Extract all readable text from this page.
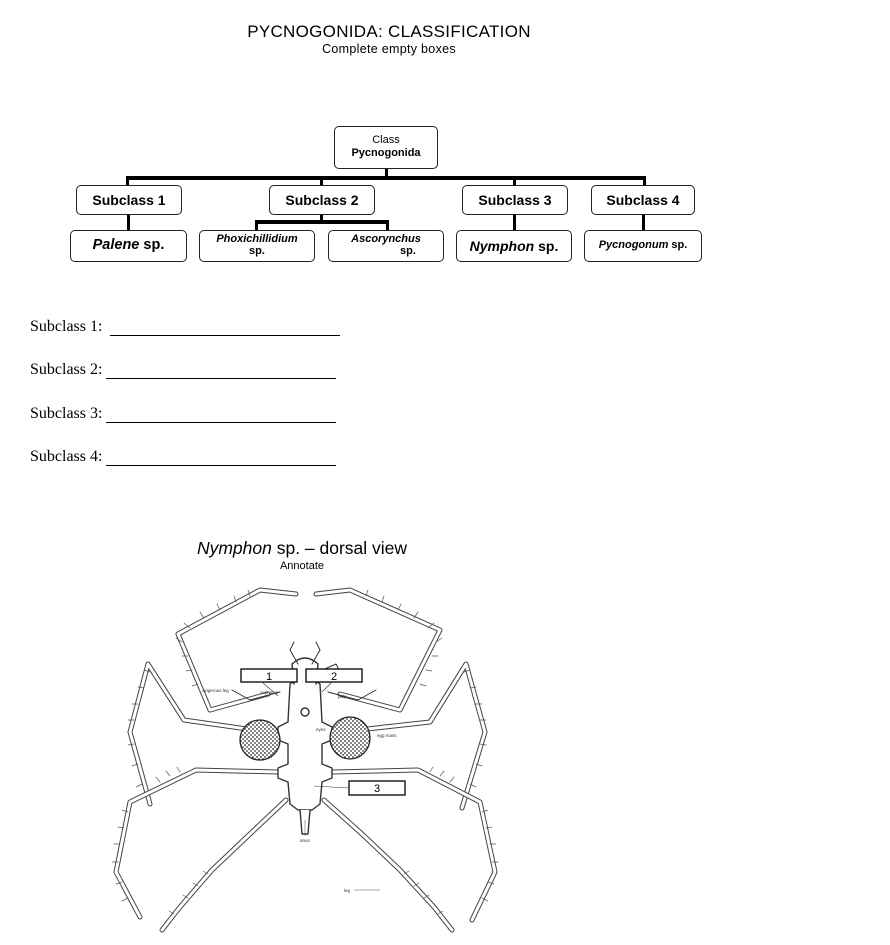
PYCNOGONIDA: CLASSIFICATION
Complete empty boxes
Class
Pycnogonida
Subclass 1	Subclass 2	Subclass 3	Subclass 4
Palene sp.	Phoxichillidium
sp.
Ascorynchus
sp.	Nymphon sp.	Pycnogonum sp.
Subclass 1:
Subclass 2:
Subclass 3:
Subclass 4:
Nymphon sp. – dorsal view
Annotate
1	2
3
ovigerous leg	cephalon
palp
eyes
egg mass
anus
leg
